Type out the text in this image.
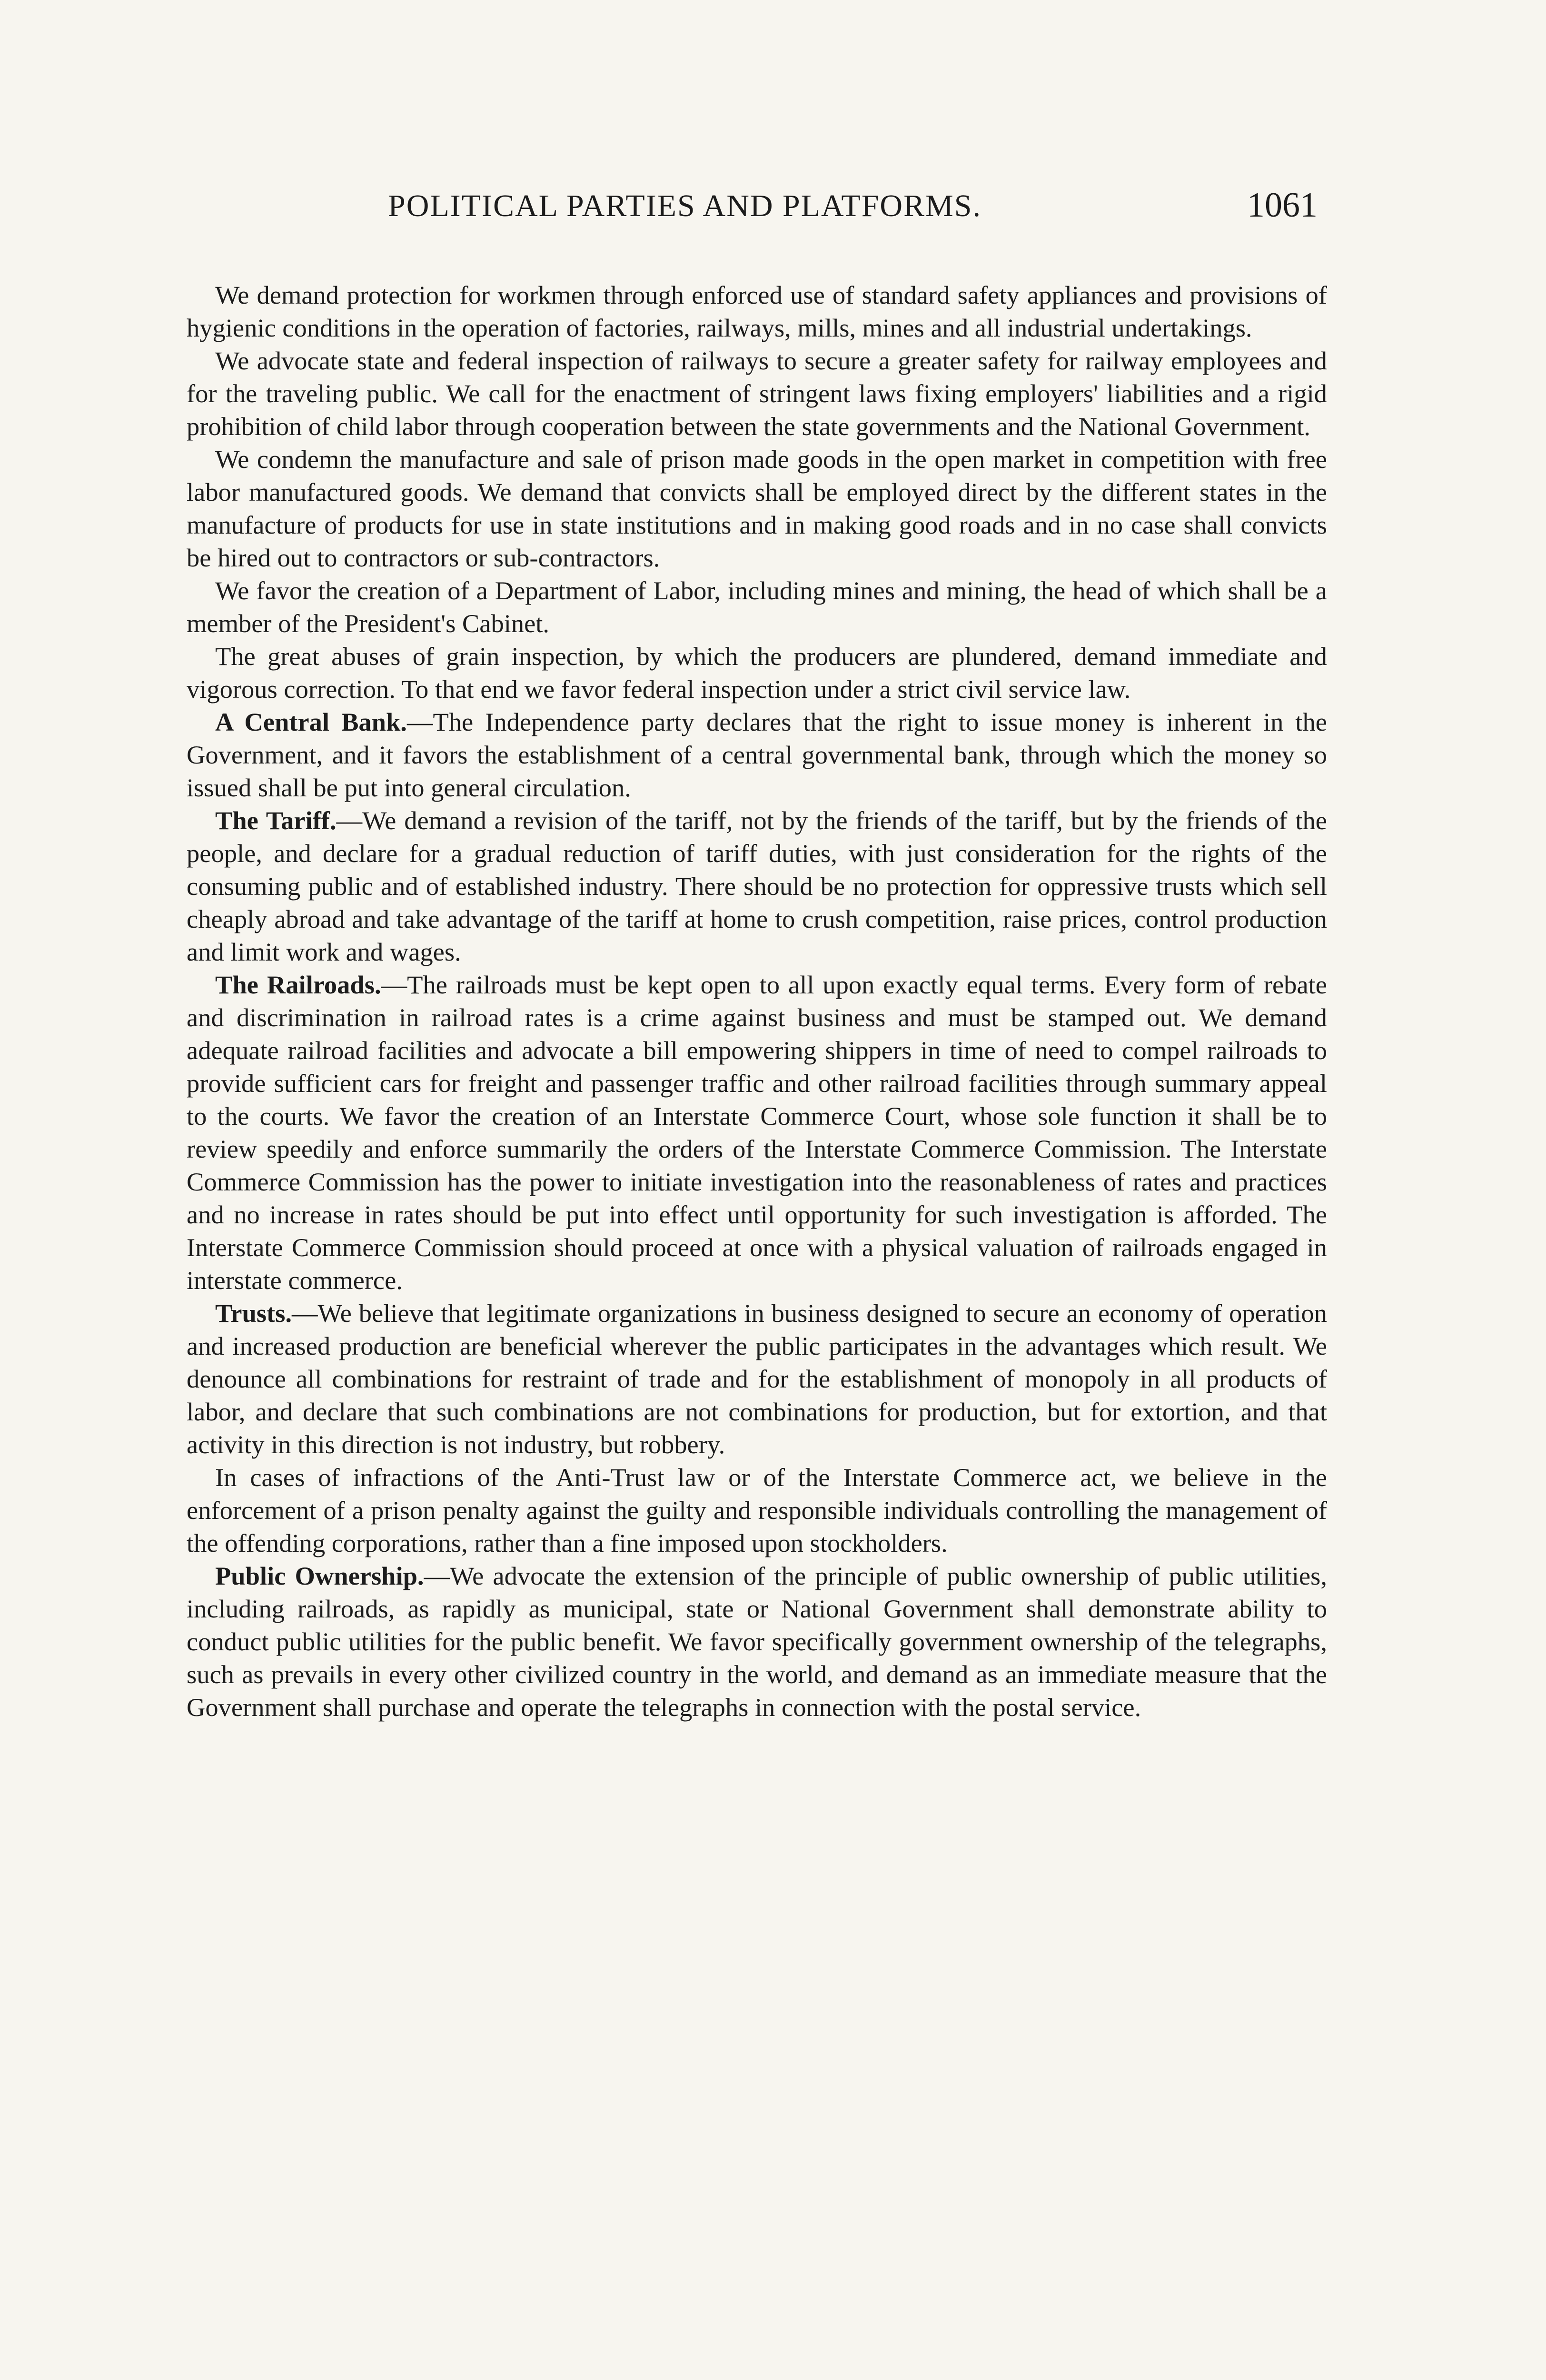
POLITICAL PARTIES AND PLATFORMS.	1061

We demand protection for workmen through enforced use of standard safety appliances and provisions of hygienic conditions in the operation of factories, railways, mills, mines and all industrial undertakings.

We advocate state and federal inspection of railways to secure a greater safety for railway employees and for the traveling public. We call for the enactment of stringent laws fixing employers' liabilities and a rigid prohibition of child labor through cooperation between the state governments and the National Government.

We condemn the manufacture and sale of prison made goods in the open market in competition with free labor manufactured goods. We demand that convicts shall be employed direct by the different states in the manufacture of products for use in state institutions and in making good roads and in no case shall convicts be hired out to contractors or sub-contractors.

We favor the creation of a Department of Labor, including mines and mining, the head of which shall be a member of the President's Cabinet.

The great abuses of grain inspection, by which the producers are plundered, demand immediate and vigorous correction. To that end we favor federal inspection under a strict civil service law.

A Central Bank.—The Independence party declares that the right to issue money is inherent in the Government, and it favors the establishment of a central governmental bank, through which the money so issued shall be put into general circulation.

The Tariff.—We demand a revision of the tariff, not by the friends of the tariff, but by the friends of the people, and declare for a gradual reduction of tariff duties, with just consideration for the rights of the consuming public and of established industry. There should be no protection for oppressive trusts which sell cheaply abroad and take advantage of the tariff at home to crush competition, raise prices, control production and limit work and wages.

The Railroads.—The railroads must be kept open to all upon exactly equal terms. Every form of rebate and discrimination in railroad rates is a crime against business and must be stamped out. We demand adequate railroad facilities and advocate a bill empowering shippers in time of need to compel railroads to provide sufficient cars for freight and passenger traffic and other railroad facilities through summary appeal to the courts. We favor the creation of an Interstate Commerce Court, whose sole function it shall be to review speedily and enforce summarily the orders of the Interstate Commerce Commission. The Interstate Commerce Commission has the power to initiate investigation into the reasonableness of rates and practices and no increase in rates should be put into effect until opportunity for such investigation is afforded. The Interstate Commerce Commission should proceed at once with a physical valuation of railroads engaged in interstate commerce.

Trusts.—We believe that legitimate organizations in business designed to secure an economy of operation and increased production are beneficial wherever the public participates in the advantages which result. We denounce all combinations for restraint of trade and for the establishment of monopoly in all products of labor, and declare that such combinations are not combinations for production, but for extortion, and that activity in this direction is not industry, but robbery.

In cases of infractions of the Anti-Trust law or of the Interstate Commerce act, we believe in the enforcement of a prison penalty against the guilty and responsible individuals controlling the management of the offending corporations, rather than a fine imposed upon stockholders.

Public Ownership.—We advocate the extension of the principle of public ownership of public utilities, including railroads, as rapidly as municipal, state or National Government shall demonstrate ability to conduct public utilities for the public benefit. We favor specifically government ownership of the telegraphs, such as prevails in every other civilized country in the world, and demand as an immediate measure that the Government shall purchase and operate the telegraphs in connection with the postal service.
